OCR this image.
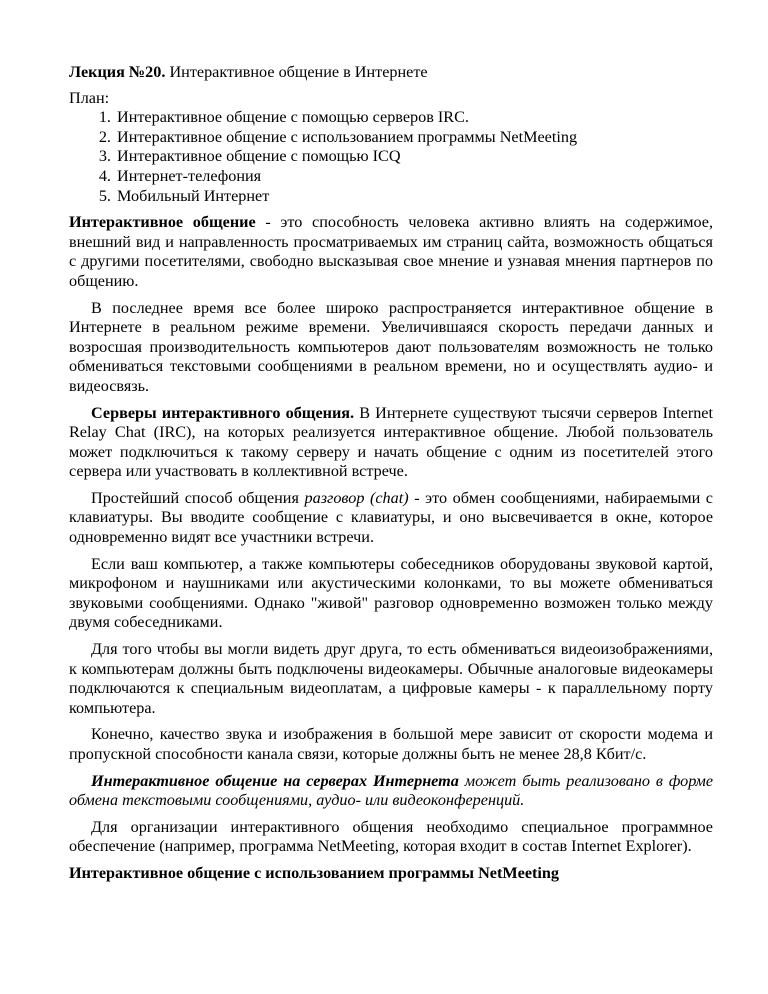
Лекция №20. Интерактивное общение в Интернете
План:
1. Интерактивное общение с помощью серверов IRC.
2. Интерактивное общение с использованием программы NetMeeting
3. Интерактивное общение с помощью ICQ
4. Интернет-телефония
5. Мобильный Интернет

Интерактивное общение - это способность человека активно влиять на содержимое, внешний вид и направленность просматриваемых им страниц сайта, возможность общаться с другими посетителями, свободно высказывая свое мнение и узнавая мнения партнеров по общению.

В последнее время все более широко распространяется интерактивное общение в Интернете в реальном режиме времени. Увеличившаяся скорость передачи данных и возросшая производительность компьютеров дают пользователям возможность не только обмениваться текстовыми сообщениями в реальном времени, но и осуществлять аудио- и видеосвязь.

Серверы интерактивного общения. В Интернете существуют тысячи серверов Internet Relay Chat (IRC), на которых реализуется интерактивное общение. Любой пользователь может подключиться к такому серверу и начать общение с одним из посетителей этого сервера или участвовать в коллективной встрече.

Простейший способ общения разговор (chat) - это обмен сообщениями, набираемыми с клавиатуры. Вы вводите сообщение с клавиатуры, и оно высвечивается в окне, которое одновременно видят все участники встречи.

Если ваш компьютер, а также компьютеры собеседников оборудованы звуковой картой, микрофоном и наушниками или акустическими колонками, то вы можете обмениваться звуковыми сообщениями. Однако "живой" разговор одновременно возможен только между двумя собеседниками.

Для того чтобы вы могли видеть друг друга, то есть обмениваться видеоизображениями, к компьютерам должны быть подключены видеокамеры. Обычные аналоговые видеокамеры подключаются к специальным видеоплатам, а цифровые камеры - к параллельному порту компьютера.

Конечно, качество звука и изображения в большой мере зависит от скорости модема и пропускной способности канала связи, которые должны быть не менее 28,8 Кбит/с.

Интерактивное общение на серверах Интернета может быть реализовано в форме обмена текстовыми сообщениями, аудио- или видеоконференций.

Для организации интерактивного общения необходимо специальное программное обеспечение (например, программа NetMeeting, которая входит в состав Internet Explorer).

Интерактивное общение с использованием программы NetMeeting
